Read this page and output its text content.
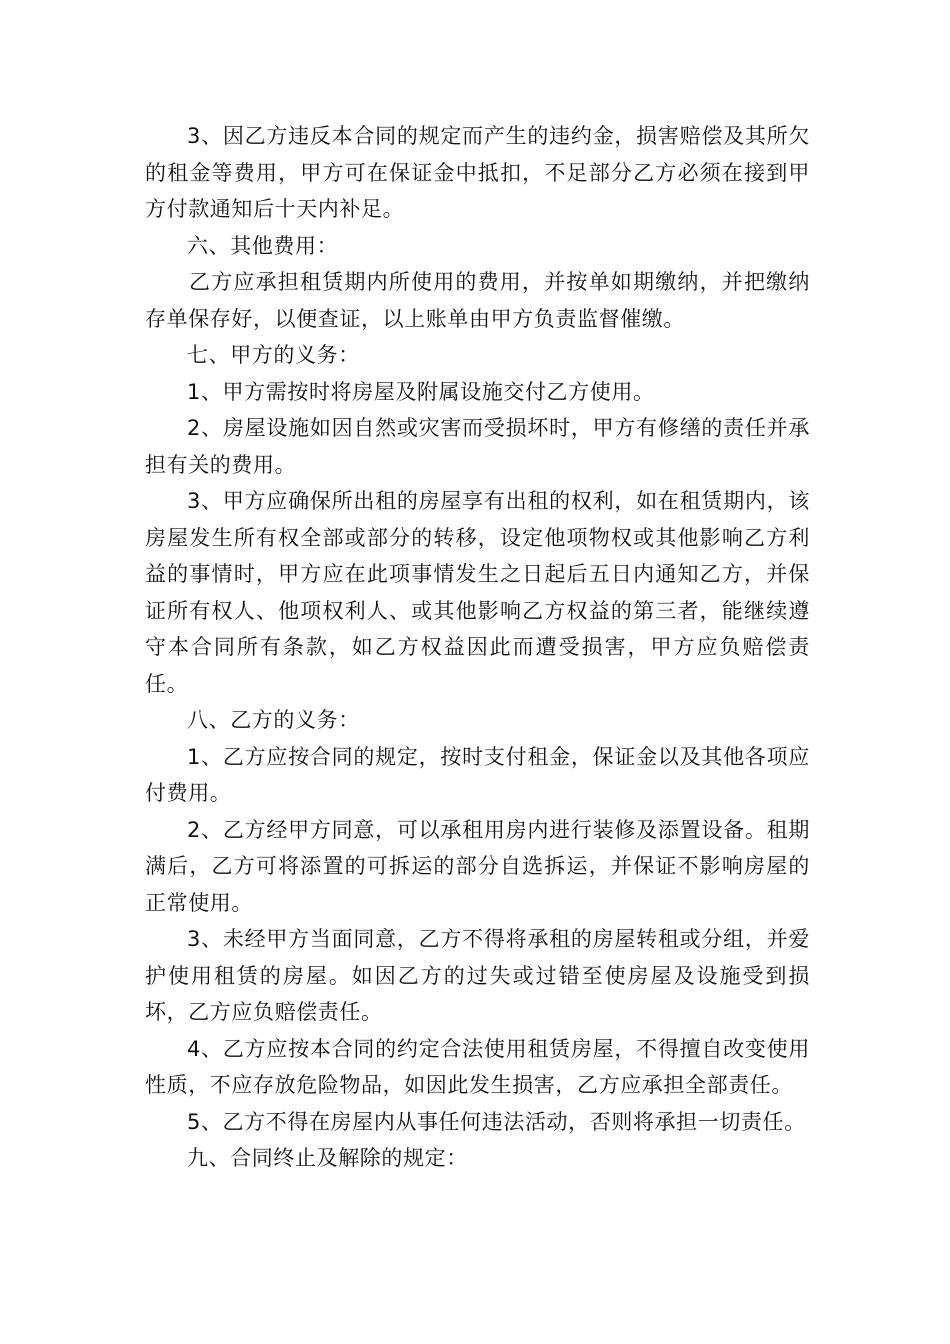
3、因乙方违反本合同的规定而产生的违约金，损害赔偿及其所欠的租金等费用，甲方可在保证金中抵扣，不足部分乙方必须在接到甲方付款通知后十天内补足。

六、其他费用：

乙方应承担租赁期内所使用的费用，并按单如期缴纳，并把缴纳存单保存好，以便查证，以上账单由甲方负责监督催缴。

七、甲方的义务：

1、甲方需按时将房屋及附属设施交付乙方使用。

2、房屋设施如因自然或灾害而受损坏时，甲方有修缮的责任并承担有关的费用。

3、甲方应确保所出租的房屋享有出租的权利，如在租赁期内，该房屋发生所有权全部或部分的转移，设定他项物权或其他影响乙方利益的事情时，甲方应在此项事情发生之日起后五日内通知乙方，并保证所有权人、他项权利人、或其他影响乙方权益的第三者，能继续遵守本合同所有条款，如乙方权益因此而遭受损害，甲方应负赔偿责任。

八、乙方的义务：

1、乙方应按合同的规定，按时支付租金，保证金以及其他各项应付费用。

2、乙方经甲方同意，可以承租用房内进行装修及添置设备。租期满后，乙方可将添置的可拆运的部分自选拆运，并保证不影响房屋的正常使用。

3、未经甲方当面同意，乙方不得将承租的房屋转租或分组，并爱护使用租赁的房屋。如因乙方的过失或过错至使房屋及设施受到损坏，乙方应负赔偿责任。

4、乙方应按本合同的约定合法使用租赁房屋，不得擅自改变使用性质，不应存放危险物品，如因此发生损害，乙方应承担全部责任。

5、乙方不得在房屋内从事任何违法活动，否则将承担一切责任。

九、合同终止及解除的规定：
